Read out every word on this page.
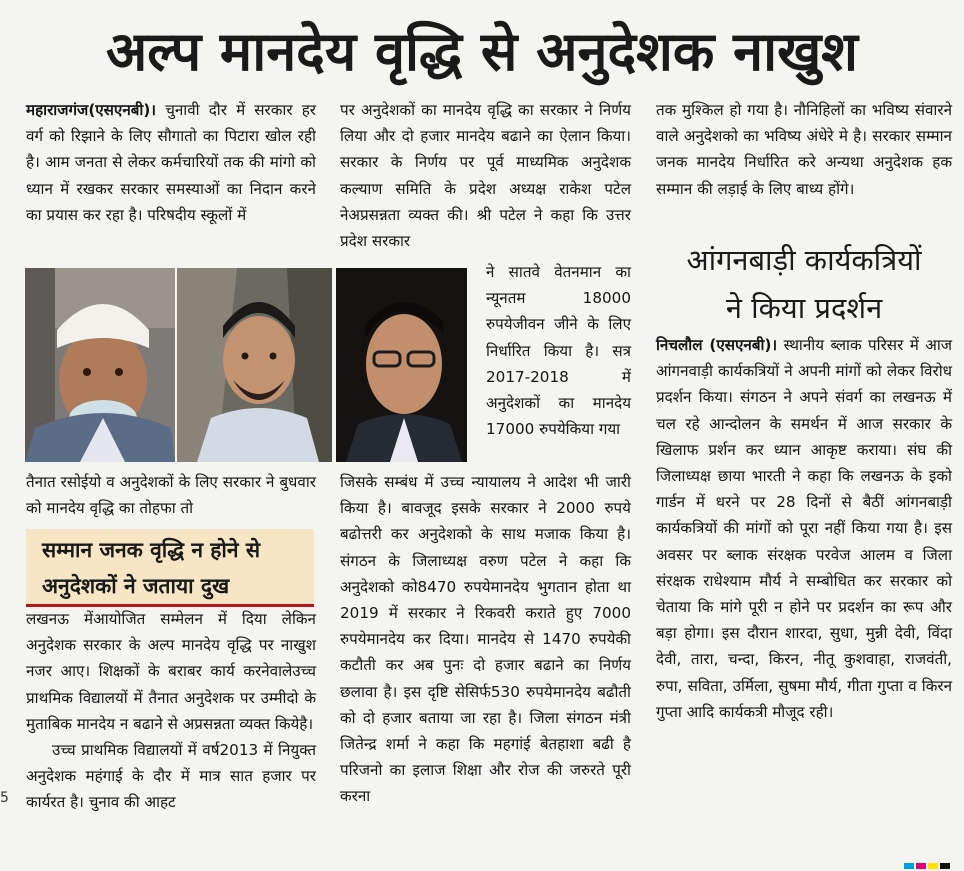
अल्प मानदेय वृद्धि से अनुदेशक नाखुश

महाराजगंज(एसएनबी)। चुनावी दौर में सरकार हर वर्ग को रिझाने के लिए सौगातो का पिटारा खोल रही है। आम जनता से लेकर कर्मचारियों तक की मांगो को ध्यान में रखकर सरकार समस्याओं का निदान करने का प्रयास कर रहा है। परिषदीय स्कूलों में

तैनात रसोईयो व अनुदेशकों के लिए सरकार ने बुधवार को मानदेय वृद्धि का तोहफा तो

सम्मान जनक वृद्धि न होने से
अनुदेशकों ने जताया दुख

लखनऊ मेंआयोजित सम्मेलन में दिया लेकिन अनुदेशक सरकार के अल्प मानदेय वृद्धि पर नाखुश नजर आए। शिक्षकों के बराबर कार्य करनेवालेउच्च प्राथमिक विद्यालयों में तैनात अनुदेशक पर उम्मीदो के मुताबिक मानदेय न बढाने से अप्रसन्नता व्यक्त कियेहै।

उच्च प्राथमिक विद्यालयों में वर्ष2013 में नियुक्त अनुदेशक महंगाई के दौर में मात्र सात हजार पर कार्यरत है। चुनाव की आहट

पर अनुदेशकों का मानदेय वृद्धि का सरकार ने निर्णय लिया और दो हजार मानदेय बढाने का ऐलान किया। सरकार के निर्णय पर पूर्व माध्यमिक अनुदेशक कल्याण समिति के प्रदेश अध्यक्ष राकेश पटेल नेअप्रसन्नता व्यक्त की। श्री पटेल ने कहा कि उत्तर प्रदेश सरकार

ने सातवे वेतनमान का न्यूनतम 18000 रुपयेजीवन जीने के लिए निर्धारित किया है। सत्र 2017-2018 में अनुदेशकों का मानदेय 17000 रुपयेकिया गया

जिसके सम्बंध में उच्च न्यायालय ने आदेश भी जारी किया है। बावजूद इसके सरकार ने 2000 रुपये बढोत्तरी कर अनुदेशको के साथ मजाक किया है। संगठन के जिलाध्यक्ष वरुण पटेल ने कहा कि अनुदेशको को8470 रुपयेमानदेय भुगतान होता था 2019 में सरकार ने रिकवरी कराते हुए 7000 रुपयेमानदेय कर दिया। मानदेय से 1470 रुपयेकी कटौती कर अब पुनः दो हजार बढाने का निर्णय छलावा है। इस दृष्टि सेसिर्फ530 रुपयेमानदेय बढौती को दो हजार बताया जा रहा है। जिला संगठन मंत्री जितेन्द्र शर्मा ने कहा कि महगांई बेतहाशा बढी है परिजनो का इलाज शिक्षा और रोज की जरुरते पूरी करना

तक मुश्किल हो गया है। नौनिहिलों का भविष्य संवारने वाले अनुदेशको का भविष्य अंधेरे मे है। सरकार सम्मान जनक मानदेय निर्धारित करे अन्यथा अनुदेशक हक सम्मान की लड़ाई के लिए बाध्य होंगे।

आंगनबाड़ी कार्यकत्रियों
ने किया प्रदर्शन

निचलौल (एसएनबी)। स्थानीय ब्लाक परिसर में आज आंगनवाड़ी कार्यकत्रियों ने अपनी मांगों को लेकर विरोध प्रदर्शन किया। संगठन ने अपने संवर्ग का लखनऊ में चल रहे आन्दोलन के समर्थन में आज सरकार के खिलाफ प्रर्शन कर ध्यान आकृष्ट कराया। संघ की जिलाध्यक्ष छाया भारती ने कहा कि लखनऊ के इको गार्डन में धरने पर 28 दिनों से बैठीं आंगनबाड़ी कार्यकत्रियों की मांगों को पूरा नहीं किया गया है। इस अवसर पर ब्लाक संरक्षक परवेज आलम व जिला संरक्षक राधेश्याम मौर्य ने सम्बोधित कर सरकार को चेताया कि मांगे पूरी न होने पर प्रदर्शन का रूप और बड़ा होगा। इस दौरान शारदा, सुधा, मुन्नी देवी, विंदा देवी, तारा, चन्दा, किरन, नीतू कुशवाहा, राजवंती, रुपा, सविता, उर्मिला, सुषमा मौर्य, गीता गुप्ता व किरन गुप्ता आदि कार्यकत्री मौजूद रही।

5
